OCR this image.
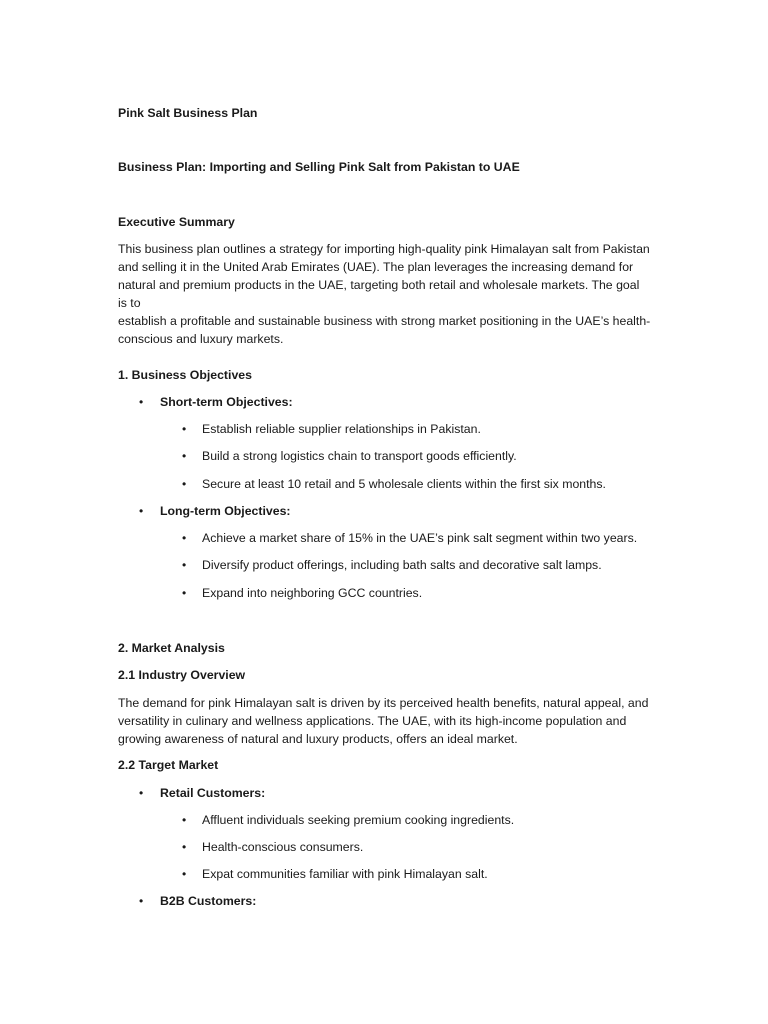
Pink Salt Business Plan
Business Plan: Importing and Selling Pink Salt from Pakistan to UAE
Executive Summary
This business plan outlines a strategy for importing high-quality pink Himalayan salt from Pakistan
and selling it in the United Arab Emirates (UAE). The plan leverages the increasing demand for
natural and premium products in the UAE, targeting both retail and wholesale markets. The goal is to
establish a profitable and sustainable business with strong market positioning in the UAE’s health-
conscious and luxury markets.
1. Business Objectives
• Short-term Objectives:
• Establish reliable supplier relationships in Pakistan.
• Build a strong logistics chain to transport goods efficiently.
• Secure at least 10 retail and 5 wholesale clients within the first six months.
• Long-term Objectives:
• Achieve a market share of 15% in the UAE’s pink salt segment within two years.
• Diversify product offerings, including bath salts and decorative salt lamps.
• Expand into neighboring GCC countries.
2. Market Analysis
2.1 Industry Overview
The demand for pink Himalayan salt is driven by its perceived health benefits, natural appeal, and
versatility in culinary and wellness applications. The UAE, with its high-income population and
growing awareness of natural and luxury products, offers an ideal market.
2.2 Target Market
• Retail Customers:
• Affluent individuals seeking premium cooking ingredients.
• Health-conscious consumers.
• Expat communities familiar with pink Himalayan salt.
• B2B Customers:
